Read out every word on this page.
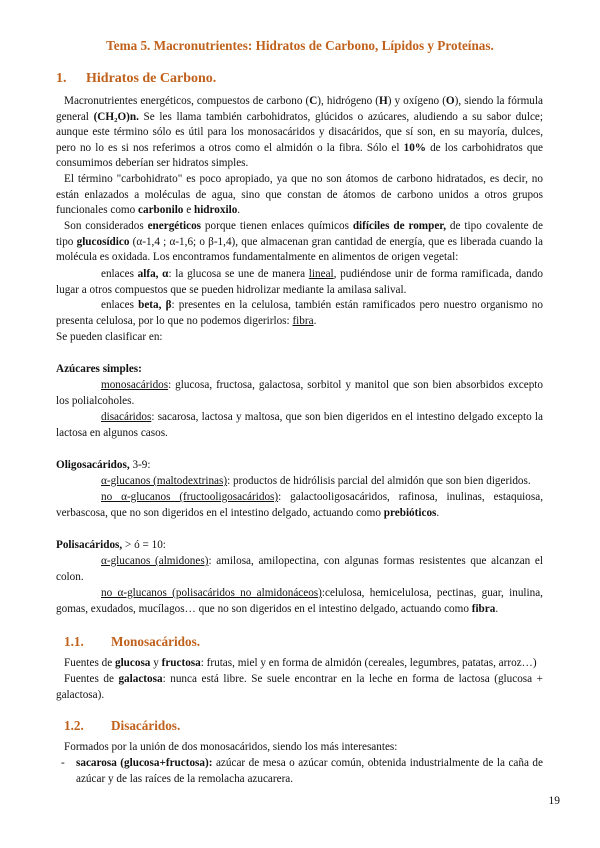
Tema 5. Macronutrientes: Hidratos de Carbono, Lípidos y Proteínas.
1. Hidratos de Carbono.
Macronutrientes energéticos, compuestos de carbono (C), hidrógeno (H) y oxígeno (O), siendo la fórmula general (CH₂O)n. Se les llama también carbohidratos, glúcidos o azúcares, aludiendo a su sabor dulce; aunque este término sólo es útil para los monosacáridos y disacáridos, que sí son, en su mayoría, dulces, pero no lo es si nos referimos a otros como el almidón o la fibra. Sólo el 10% de los carbohidratos que consumimos deberían ser hidratos simples.
El término "carbohidrato" es poco apropiado, ya que no son átomos de carbono hidratados, es decir, no están enlazados a moléculas de agua, sino que constan de átomos de carbono unidos a otros grupos funcionales como carbonilo e hidroxilo.
Son considerados energéticos porque tienen enlaces químicos difíciles de romper, de tipo covalente de tipo glucosídico (α-1,4 ; α-1,6; o β-1,4), que almacenan gran cantidad de energía, que es liberada cuando la molécula es oxidada. Los encontramos fundamentalmente en alimentos de origen vegetal:
enlaces alfa, α: la glucosa se une de manera lineal, pudiéndose unir de forma ramificada, dando lugar a otros compuestos que se pueden hidrolizar mediante la amilasa salival.
enlaces beta, β: presentes en la celulosa, también están ramificados pero nuestro organismo no presenta celulosa, por lo que no podemos digerirlos: fibra.
Se pueden clasificar en:
Azúcares simples:
monosacáridos: glucosa, fructosa, galactosa, sorbitol y manitol que son bien absorbidos excepto los polialcoholes.
disacáridos: sacarosa, lactosa y maltosa, que son bien digeridos en el intestino delgado excepto la lactosa en algunos casos.
Oligosacáridos, 3-9:
α-glucanos (maltodextrinas): productos de hidrólisis parcial del almidón que son bien digeridos.
no α-glucanos (fructooligosacáridos): galactooligosacáridos, rafinosa, inulinas, estaquiosa, verbascosa, que no son digeridos en el intestino delgado, actuando como prebióticos.
Polisacáridos, > ó = 10:
α-glucanos (almidones): amilosa, amilopectina, con algunas formas resistentes que alcanzan el colon.
no α-glucanos (polisacáridos no almidonáceos):celulosa, hemicelulosa, pectinas, guar, inulina, gomas, exudados, mucílagos… que no son digeridos en el intestino delgado, actuando como fibra.
1.1. Monosacáridos.
Fuentes de glucosa y fructosa: frutas, miel y en forma de almidón (cereales, legumbres, patatas, arroz…)
Fuentes de galactosa: nunca está libre. Se suele encontrar en la leche en forma de lactosa (glucosa + galactosa).
1.2. Disacáridos.
Formados por la unión de dos monosacáridos, siendo los más interesantes:
- sacarosa (glucosa+fructosa): azúcar de mesa o azúcar común, obtenida industrialmente de la caña de azúcar y de las raíces de la remolacha azucarera.
19
